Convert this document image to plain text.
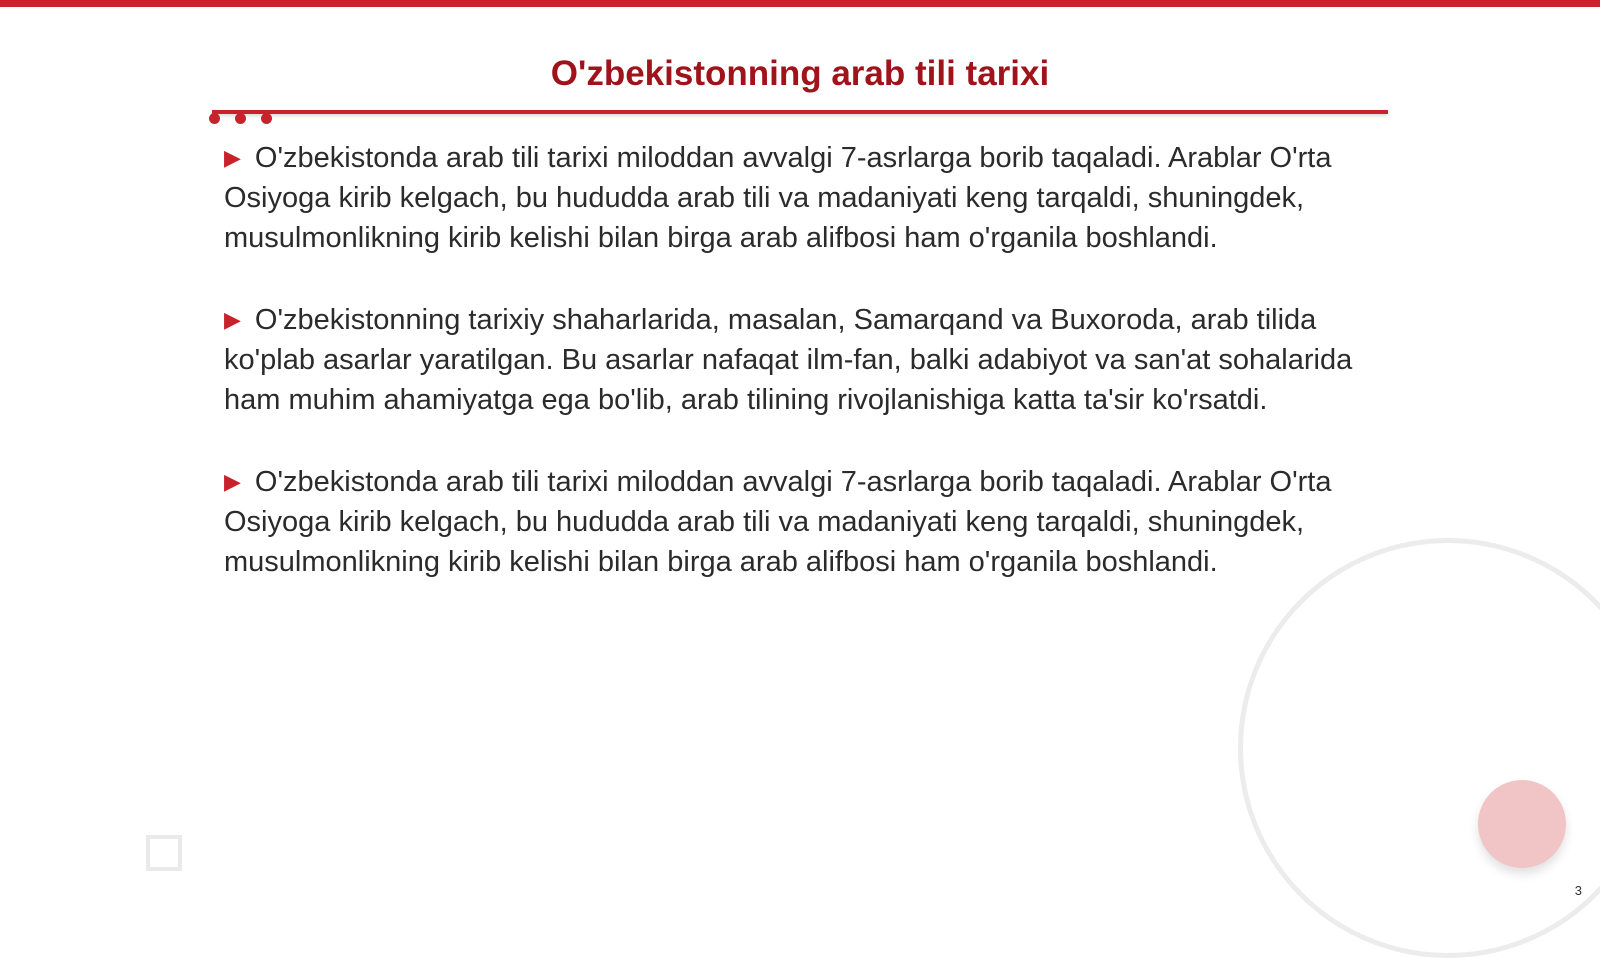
O'zbekistonning arab tili tarixi

▶ O'zbekistonda arab tili tarixi miloddan avvalgi 7-asrlarga borib taqaladi. Arablar O'rta Osiyoga kirib kelgach, bu hududda arab tili va madaniyati keng tarqaldi, shuningdek, musulmonlikning kirib kelishi bilan birga arab alifbosi ham o'rganila boshlandi.

▶ O'zbekistonning tarixiy shaharlarida, masalan, Samarqand va Buxoroda, arab tilida ko'plab asarlar yaratilgan. Bu asarlar nafaqat ilm-fan, balki adabiyot va san'at sohalarida ham muhim ahamiyatga ega bo'lib, arab tilining rivojlanishiga katta ta'sir ko'rsatdi.

▶ O'zbekistonda arab tili tarixi miloddan avvalgi 7-asrlarga borib taqaladi. Arablar O'rta Osiyoga kirib kelgach, bu hududda arab tili va madaniyati keng tarqaldi, shuningdek, musulmonlikning kirib kelishi bilan birga arab alifbosi ham o'rganila boshlandi.

3
